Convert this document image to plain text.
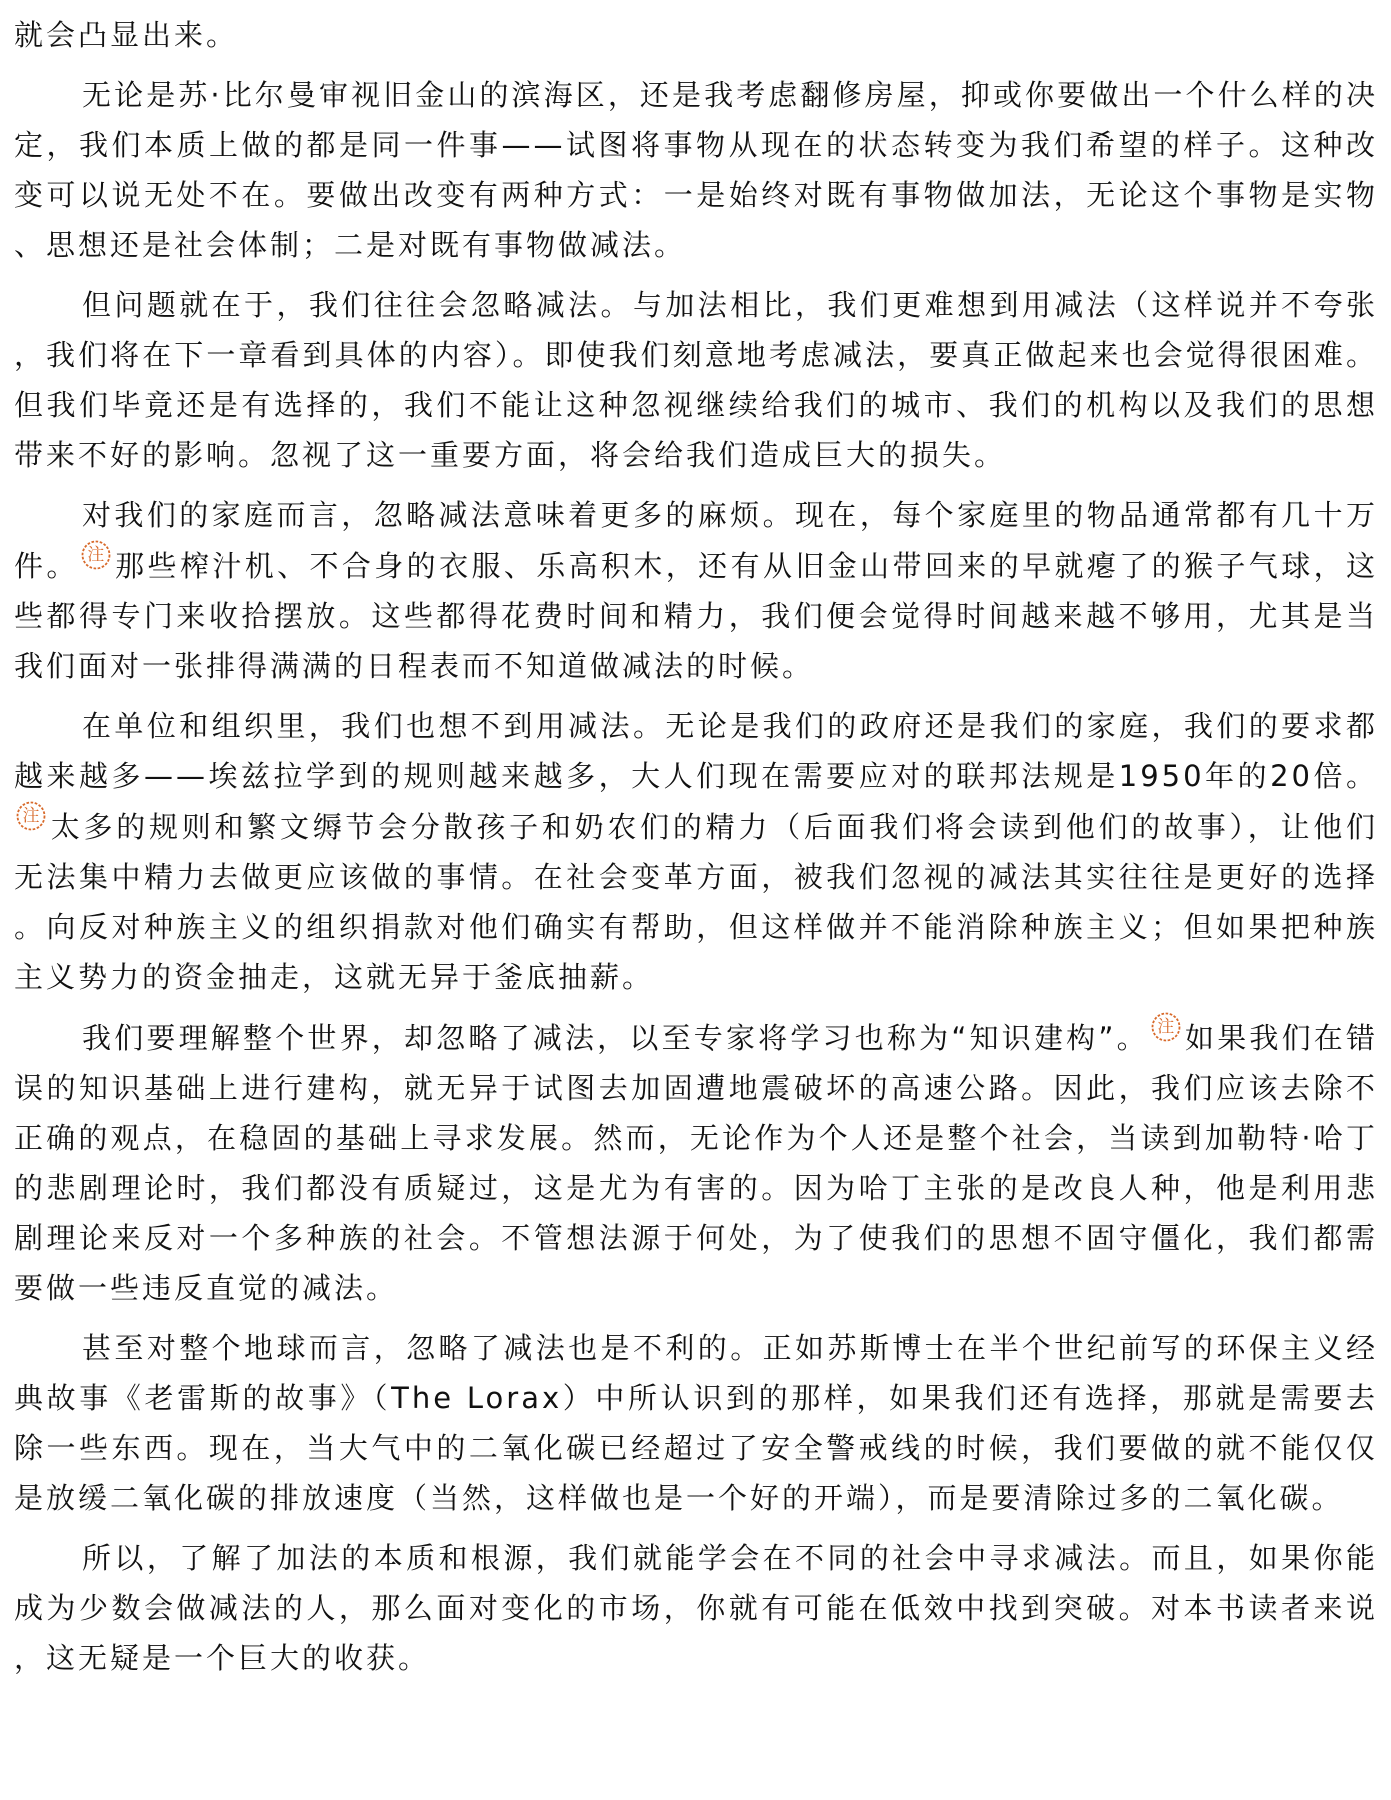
就会凸显出来。

无论是苏·比尔曼审视旧金山的滨海区，还是我考虑翻修房屋，抑或你要做出一个什么样的决定，我们本质上做的都是同一件事——试图将事物从现在的状态转变为我们希望的样子。这种改变可以说无处不在。要做出改变有两种方式：一是始终对既有事物做加法，无论这个事物是实物、思想还是社会体制；二是对既有事物做减法。

但问题就在于，我们往往会忽略减法。与加法相比，我们更难想到用减法（这样说并不夸张，我们将在下一章看到具体的内容）。即使我们刻意地考虑减法，要真正做起来也会觉得很困难。但我们毕竟还是有选择的，我们不能让这种忽视继续给我们的城市、我们的机构以及我们的思想带来不好的影响。忽视了这一重要方面，将会给我们造成巨大的损失。

对我们的家庭而言，忽略减法意味着更多的麻烦。现在，每个家庭里的物品通常都有几十万件。 注 那些榨汁机、不合身的衣服、乐高积木，还有从旧金山带回来的早就瘪了的猴子气球，这些都得专门来收拾摆放。这些都得花费时间和精力，我们便会觉得时间越来越不够用，尤其是当我们面对一张排得满满的日程表而不知道做减法的时候。

在单位和组织里，我们也想不到用减法。无论是我们的政府还是我们的家庭，我们的要求都越来越多——埃兹拉学到的规则越来越多，大人们现在需要应对的联邦法规是1950年的20倍。
注 太多的规则和繁文缛节会分散孩子和奶农们的精力（后面我们将会读到他们的故事），让他们无法集中精力去做更应该做的事情。在社会变革方面，被我们忽视的减法其实往往是更好的选择。向反对种族主义的组织捐款对他们确实有帮助，但这样做并不能消除种族主义；但如果把种族主义势力的资金抽走，这就无异于釜底抽薪。

我们要理解整个世界，却忽略了减法，以至专家将学习也称为“知识建构”。 注 如果我们在错误的知识基础上进行建构，就无异于试图去加固遭地震破坏的高速公路。因此，我们应该去除不正确的观点，在稳固的基础上寻求发展。然而，无论作为个人还是整个社会，当读到加勒特·哈丁的悲剧理论时，我们都没有质疑过，这是尤为有害的。因为哈丁主张的是改良人种，他是利用悲剧理论来反对一个多种族的社会。不管想法源于何处，为了使我们的思想不固守僵化，我们都需要做一些违反直觉的减法。

甚至对整个地球而言，忽略了减法也是不利的。正如苏斯博士在半个世纪前写的环保主义经典故事《老雷斯的故事》（The Lorax）中所认识到的那样，如果我们还有选择，那就是需要去除一些东西。现在，当大气中的二氧化碳已经超过了安全警戒线的时候，我们要做的就不能仅仅是放缓二氧化碳的排放速度（当然，这样做也是一个好的开端），而是要清除过多的二氧化碳。

所以，了解了加法的本质和根源，我们就能学会在不同的社会中寻求减法。而且，如果你能成为少数会做减法的人，那么面对变化的市场，你就有可能在低效中找到突破。对本书读者来说，这无疑是一个巨大的收获。
